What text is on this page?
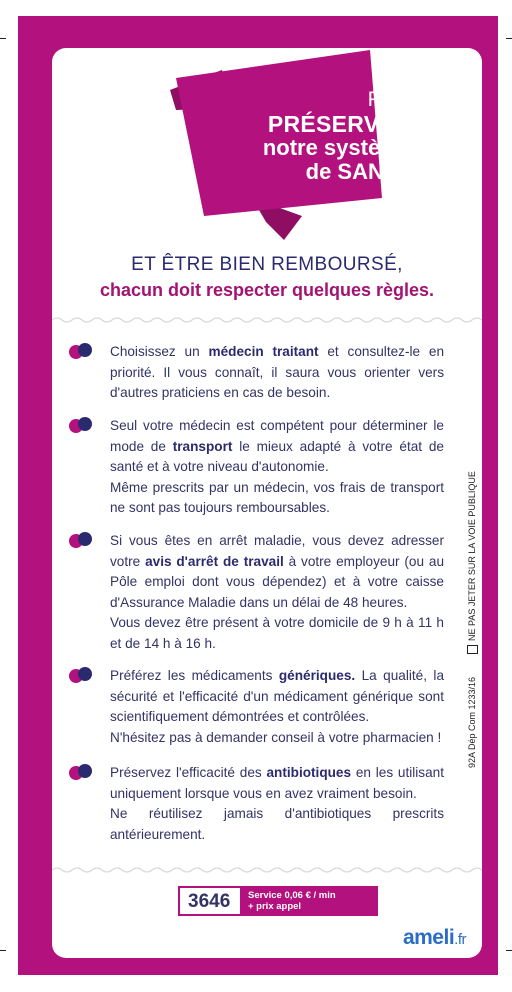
Pour
PRÉSERVER
notre système
de SANTÉ
ET ÊTRE BIEN REMBOURSÉ,
chacun doit respecter quelques règles.
Choisissez un médecin traitant et consultez-le en priorité. Il vous connaît, il saura vous orienter vers d'autres praticiens en cas de besoin.
Seul votre médecin est compétent pour déterminer le mode de transport le mieux adapté à votre état de santé et à votre niveau d'autonomie.
Même prescrits par un médecin, vos frais de transport ne sont pas toujours remboursables.
Si vous êtes en arrêt maladie, vous devez adresser votre avis d'arrêt de travail à votre employeur (ou au Pôle emploi dont vous dépendez) et à votre caisse d'Assurance Maladie dans un délai de 48 heures.
Vous devez être présent à votre domicile de 9 h à 11 h et de 14 h à 16 h.
Préférez les médicaments génériques. La qualité, la sécurité et l'efficacité d'un médicament générique sont scientifiquement démontrées et contrôlées.
N'hésitez pas à demander conseil à votre pharmacien !
Préservez l'efficacité des antibiotiques en les utilisant uniquement lorsque vous en avez vraiment besoin.
Ne réutilisez jamais d'antibiotiques prescrits antérieurement.
3646 Service 0,06 € / min
+ prix appel
ameli.fr
92A Dép Com 1233/16
NE PAS JETER SUR LA VOIE PUBLIQUE
